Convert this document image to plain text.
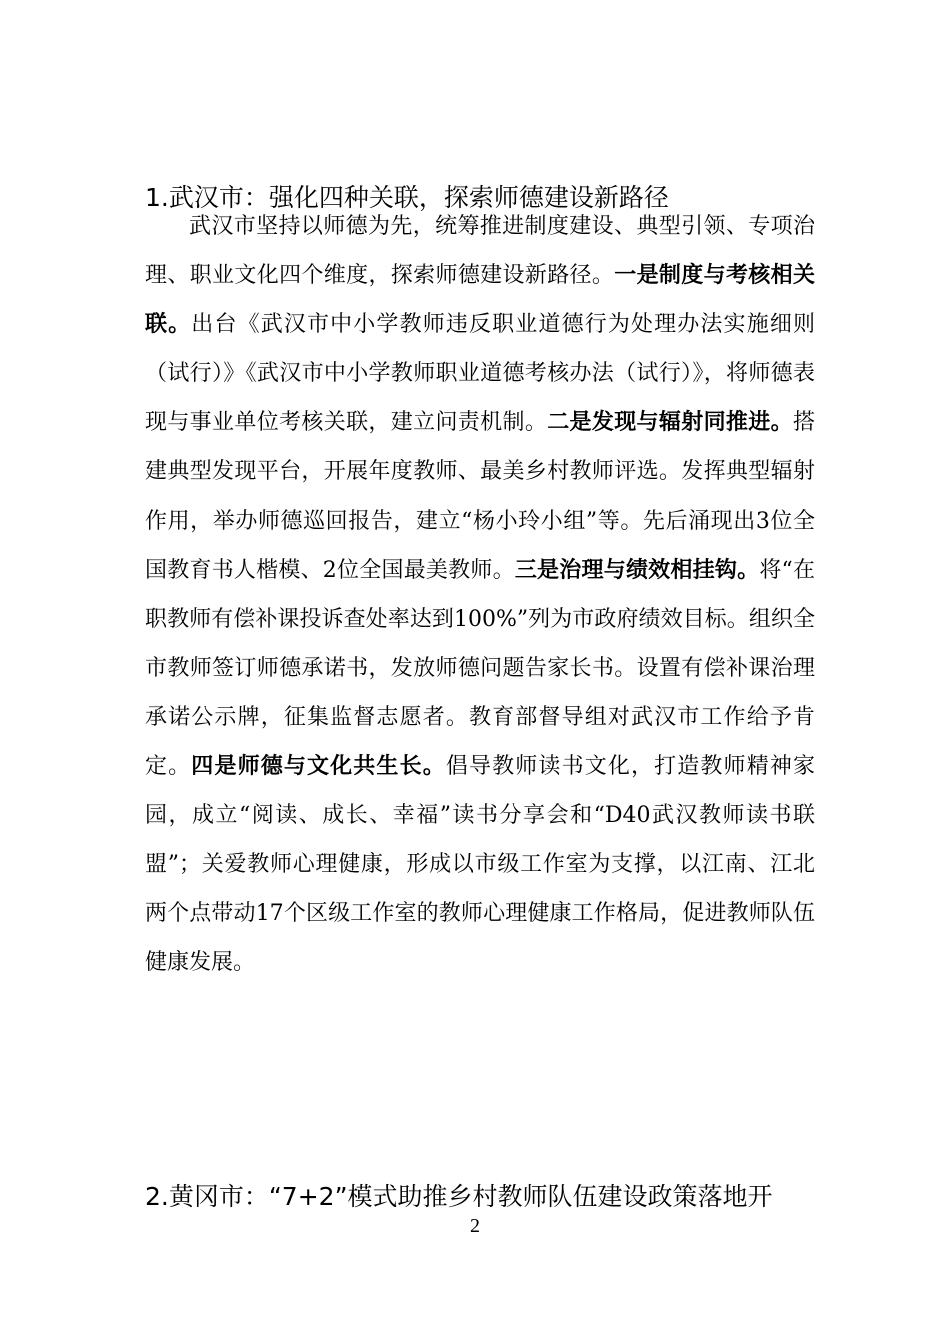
1.武汉市：强化四种关联，探索师德建设新路径

武汉市坚持以师德为先，统筹推进制度建设、典型引领、专项治理、职业文化四个维度，探索师德建设新路径。一是制度与考核相关联。出台《武汉市中小学教师违反职业道德行为处理办法实施细则（试行）》《武汉市中小学教师职业道德考核办法（试行）》，将师德表现与事业单位考核关联，建立问责机制。二是发现与辐射同推进。搭建典型发现平台，开展年度教师、最美乡村教师评选。发挥典型辐射作用，举办师德巡回报告，建立“杨小玲小组”等。先后涌现出3位全国教育书人楷模、2位全国最美教师。三是治理与绩效相挂钩。将“在职教师有偿补课投诉查处率达到100%”列为市政府绩效目标。组织全市教师签订师德承诺书，发放师德问题告家长书。设置有偿补课治理承诺公示牌，征集监督志愿者。教育部督导组对武汉市工作给予肯定。四是师德与文化共生长。倡导教师读书文化，打造教师精神家园，成立“阅读、成长、幸福”读书分享会和“D40武汉教师读书联盟”；关爱教师心理健康，形成以市级工作室为支撑，以江南、江北两个点带动17个区级工作室的教师心理健康工作格局，促进教师队伍健康发展。

2.黄冈市：“7+2”模式助推乡村教师队伍建设政策落地开
2
